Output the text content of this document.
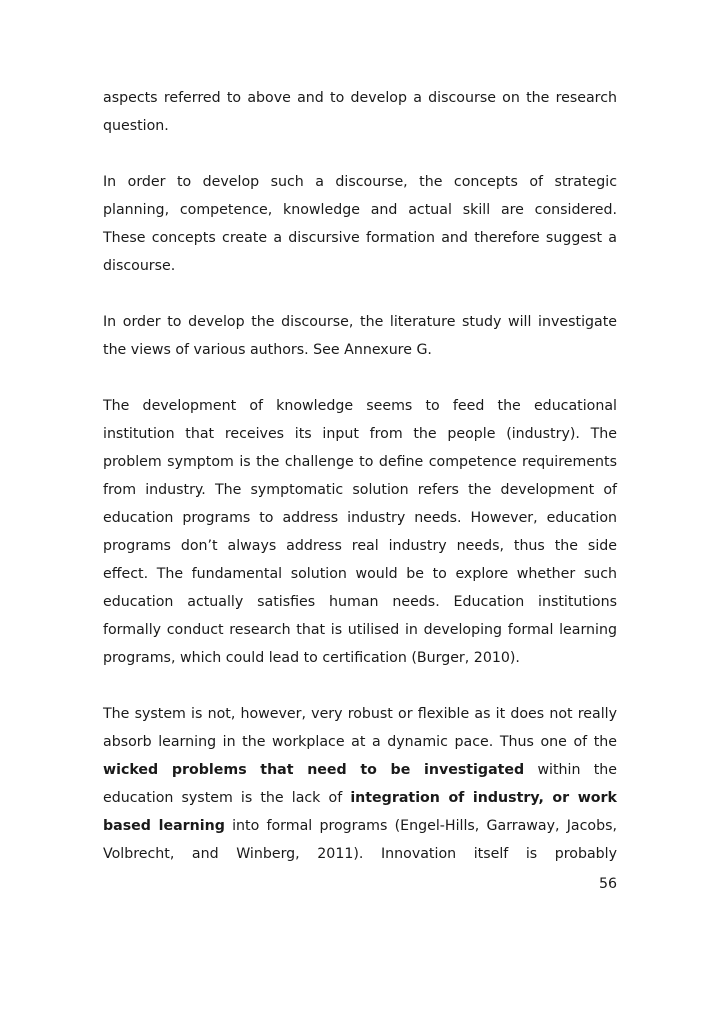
aspects referred to above and to develop a discourse on the research question.

In order to develop such a discourse, the concepts of strategic planning, competence, knowledge and actual skill are considered. These concepts create a discursive formation and therefore suggest a discourse.

In order to develop the discourse, the literature study will investigate the views of various authors. See Annexure G.

The development of knowledge seems to feed the educational institution that receives its input from the people (industry). The problem symptom is the challenge to define competence requirements from industry. The symptomatic solution refers the development of education programs to address industry needs. However, education programs don’t always address real industry needs, thus the side effect. The fundamental solution would be to explore whether such education actually satisfies human needs. Education institutions formally conduct research that is utilised in developing formal learning programs, which could lead to certification (Burger, 2010).

The system is not, however, very robust or flexible as it does not really absorb learning in the workplace at a dynamic pace. Thus one of the wicked problems that need to be investigated within the education system is the lack of integration of industry, or work based learning into formal programs (Engel-Hills, Garraway, Jacobs, Volbrecht, and Winberg, 2011). Innovation itself is probably

56
